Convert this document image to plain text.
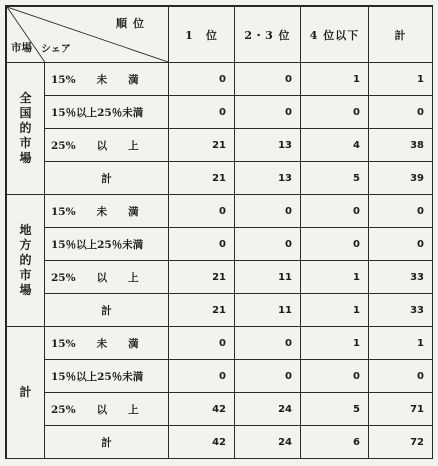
順位
シェア
市場		1　位	2・3 位	4 位以下	計
全国的市場	15%　　未　　満	0	0	1	1
	15％以上25％未満	0	0	0	0
	25%　　以　　上	21	13	4	38
	計	21	13	5	39
地方的市場	15%　　未　　満	0	0	0	0
	15％以上25％未満	0	0	0	0
	25%　　以　　上	21	11	1	33
	計	21	11	1	33
計	15%　　未　　満	0	0	1	1
	15％以上25％未満	0	0	0	0
	25%　　以　　上	42	24	5	71
	計	42	24	6	72
